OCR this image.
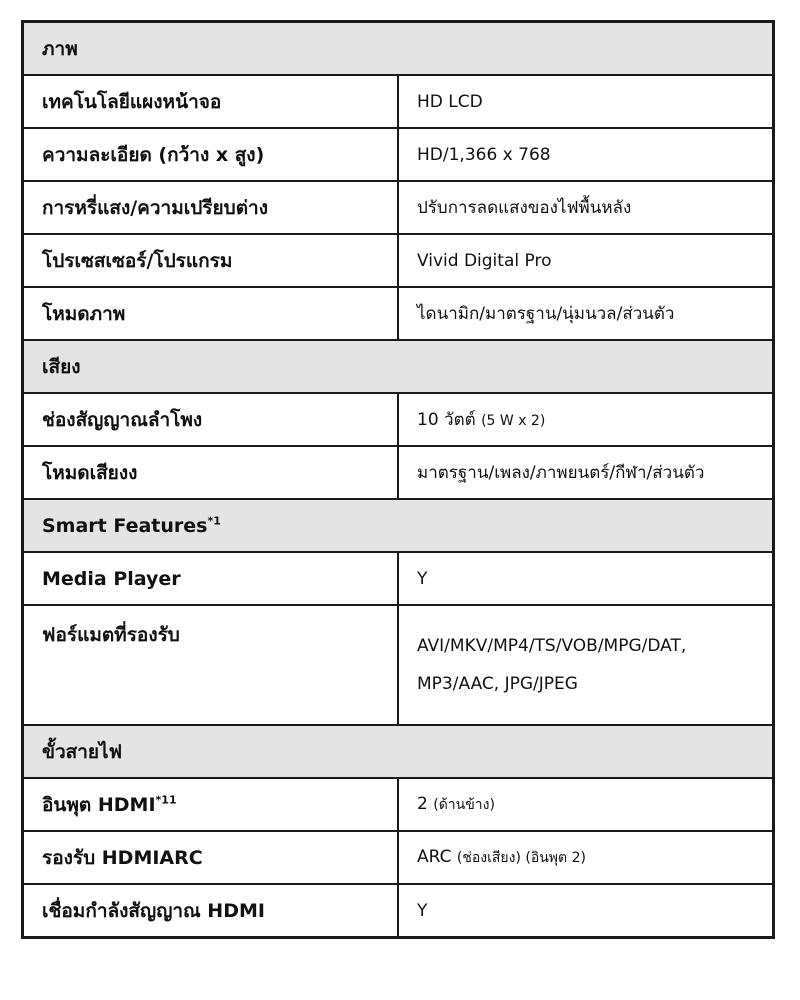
ภาพ	
เทคโนโลยีแผงหน้าจอ	HD LCD
ความละเอียด (กว้าง x สูง)	HD/1,366 x 768
การหรี่แสง/ความเปรียบต่าง	ปรับการลดแสงของไฟพื้นหลัง
โปรเซสเซอร์/โปรแกรม	Vivid Digital Pro
โหมดภาพ	ไดนามิก/มาตรฐาน/นุ่มนวล/ส่วนตัว
เสียง	
ช่องสัญญาณลำโพง	10 วัตต์ (5 W x 2)
โหมดเสียงง	มาตรฐาน/เพลง/ภาพยนตร์/กีฬา/ส่วนตัว
Smart Features$^{*1}$
Media Player	Y
ฟอร์แมตที่รองรับ	AVI/MKV/MP4/TS/VOB/MPG/DAT,
MP3/AAC, JPG/JPEG
ขั้วสายไฟ	
อินพุต HDMI$^{*11}$	2 (ด้านข้าง)
รองรับ HDMIARC	ARC (ช่องเสียง) (อินพุต 2)
เชื่อมกำลังสัญญาณ HDMI	Y
